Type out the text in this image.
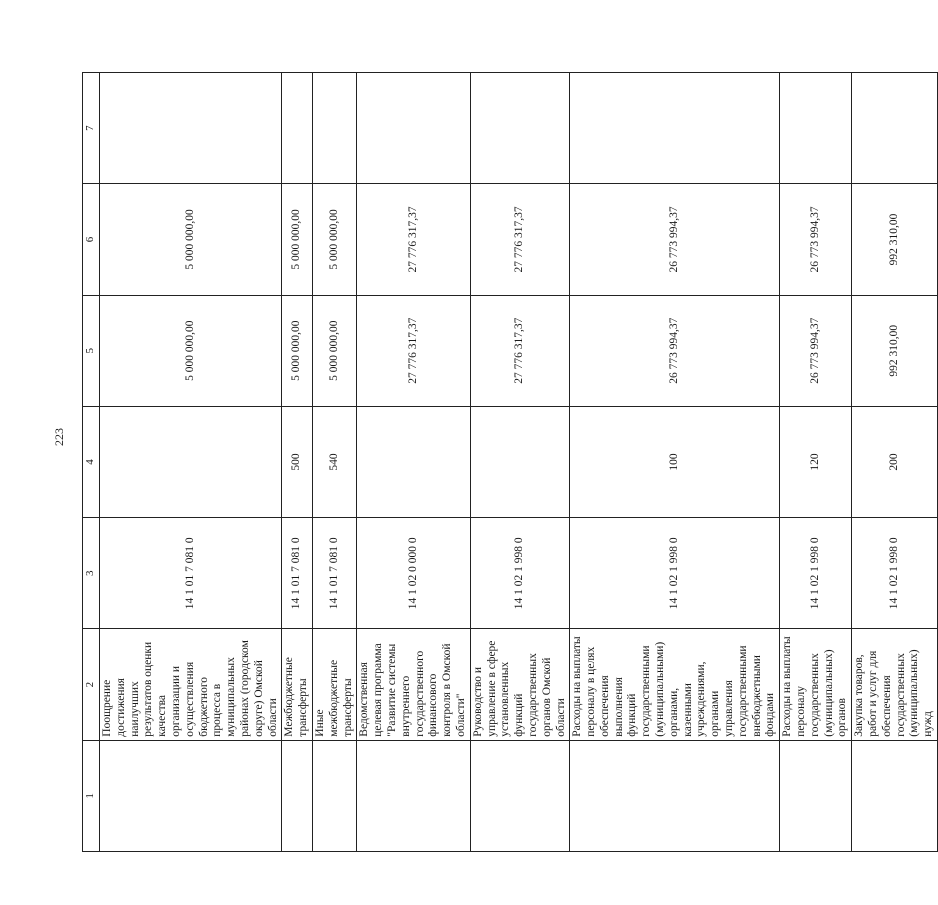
223
1	2	3	4	5	6	7
	Поощрение достижения наилучших результатов оценки качества организации и осуществления бюджетного процесса в муниципальных районах (городском округе) Омской области	14 1 01 7 081 0		5 000 000,00	5 000 000,00	
	Межбюджетные трансферты	14 1 01 7 081 0	500	5 000 000,00	5 000 000,00	
	Иные межбюджетные трансферты	14 1 01 7 081 0	540	5 000 000,00	5 000 000,00	
	Ведомственная целевая программа "Развитие системы внутреннего государственного финансового контроля в Омской области"	14 1 02 0 000 0		27 776 317,37	27 776 317,37	
	Руководство и управление в сфере установленных функций государственных органов Омской области	14 1 02 1 998 0		27 776 317,37	27 776 317,37	
	Расходы на выплаты персоналу в целях обеспечения выполнения функций государственными (муниципальными) органами, казенными учреждениями, органами управления государственными внебюджетными фондами	14 1 02 1 998 0	100	26 773 994,37	26 773 994,37	
	Расходы на выплаты персоналу государственных (муниципальных) органов	14 1 02 1 998 0	120	26 773 994,37	26 773 994,37	
	Закупка товаров, работ и услуг для обеспечения государственных (муниципальных) нужд	14 1 02 1 998 0	200	992 310,00	992 310,00	
